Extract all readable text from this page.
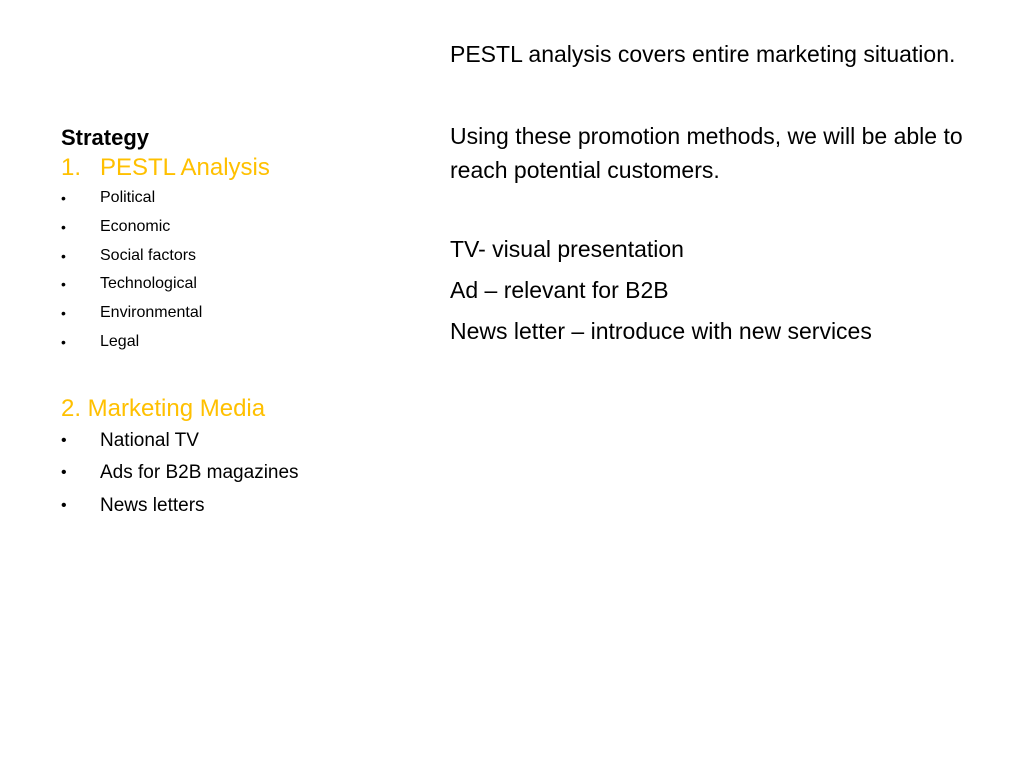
Strategy

1. PESTL Analysis
•	Political
•	Economic
•	Social factors
•	Technological
•	Environmental
•	Legal
2. Marketing Media
•	National TV
•	Ads for B2B magazines
•	News letters

PESTL analysis covers entire marketing situation.

Using these promotion methods, we will be able to reach potential customers.

TV- visual presentation

Ad – relevant for B2B

News letter – introduce with new services
